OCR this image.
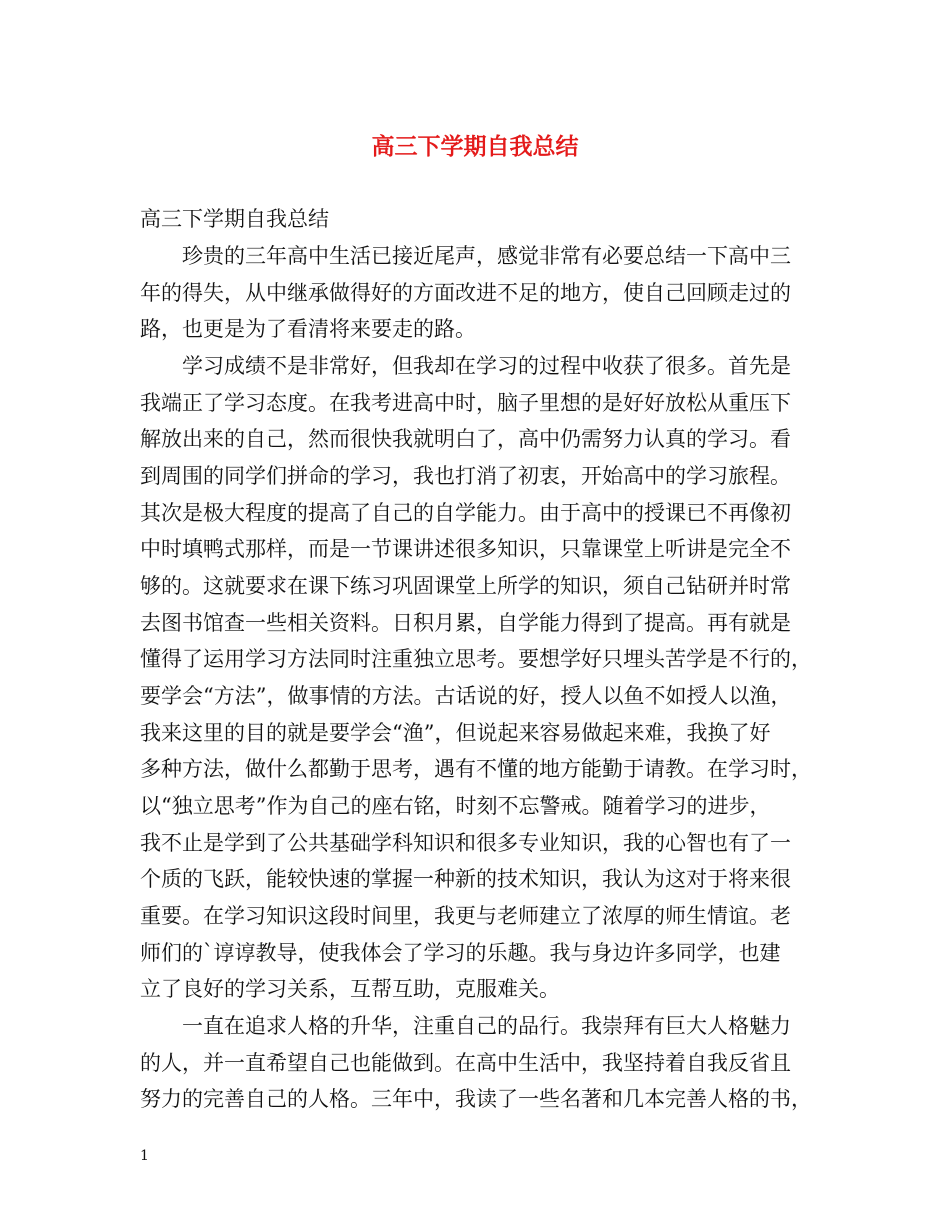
高三下学期自我总结
高三下学期自我总结
珍贵的三年高中生活已接近尾声，感觉非常有必要总结一下高中三
年的得失，从中继承做得好的方面改进不足的地方，使自己回顾走过的
路，也更是为了看清将来要走的路。
学习成绩不是非常好，但我却在学习的过程中收获了很多。首先是
我端正了学习态度。在我考进高中时，脑子里想的是好好放松从重压下
解放出来的自己，然而很快我就明白了，高中仍需努力认真的学习。看
到周围的同学们拼命的学习，我也打消了初衷，开始高中的学习旅程。
其次是极大程度的提高了自己的自学能力。由于高中的授课已不再像初
中时填鸭式那样，而是一节课讲述很多知识，只靠课堂上听讲是完全不
够的。这就要求在课下练习巩固课堂上所学的知识，须自己钻研并时常
去图书馆查一些相关资料。日积月累，自学能力得到了提高。再有就是
懂得了运用学习方法同时注重独立思考。要想学好只埋头苦学是不行的，
要学会“方法”，做事情的方法。古话说的好，授人以鱼不如授人以渔，
我来这里的目的就是要学会“渔”，但说起来容易做起来难，我换了好
多种方法，做什么都勤于思考，遇有不懂的地方能勤于请教。在学习时，
以“独立思考”作为自己的座右铭，时刻不忘警戒。随着学习的进步，
我不止是学到了公共基础学科知识和很多专业知识，我的心智也有了一
个质的飞跃，能较快速的掌握一种新的技术知识，我认为这对于将来很
重要。在学习知识这段时间里，我更与老师建立了浓厚的师生情谊。老
师们的`谆谆教导，使我体会了学习的乐趣。我与身边许多同学，也建
立了良好的学习关系，互帮互助，克服难关。
一直在追求人格的升华，注重自己的品行。我崇拜有巨大人格魅力
的人，并一直希望自己也能做到。在高中生活中，我坚持着自我反省且
努力的完善自己的人格。三年中，我读了一些名著和几本完善人格的书，
1
